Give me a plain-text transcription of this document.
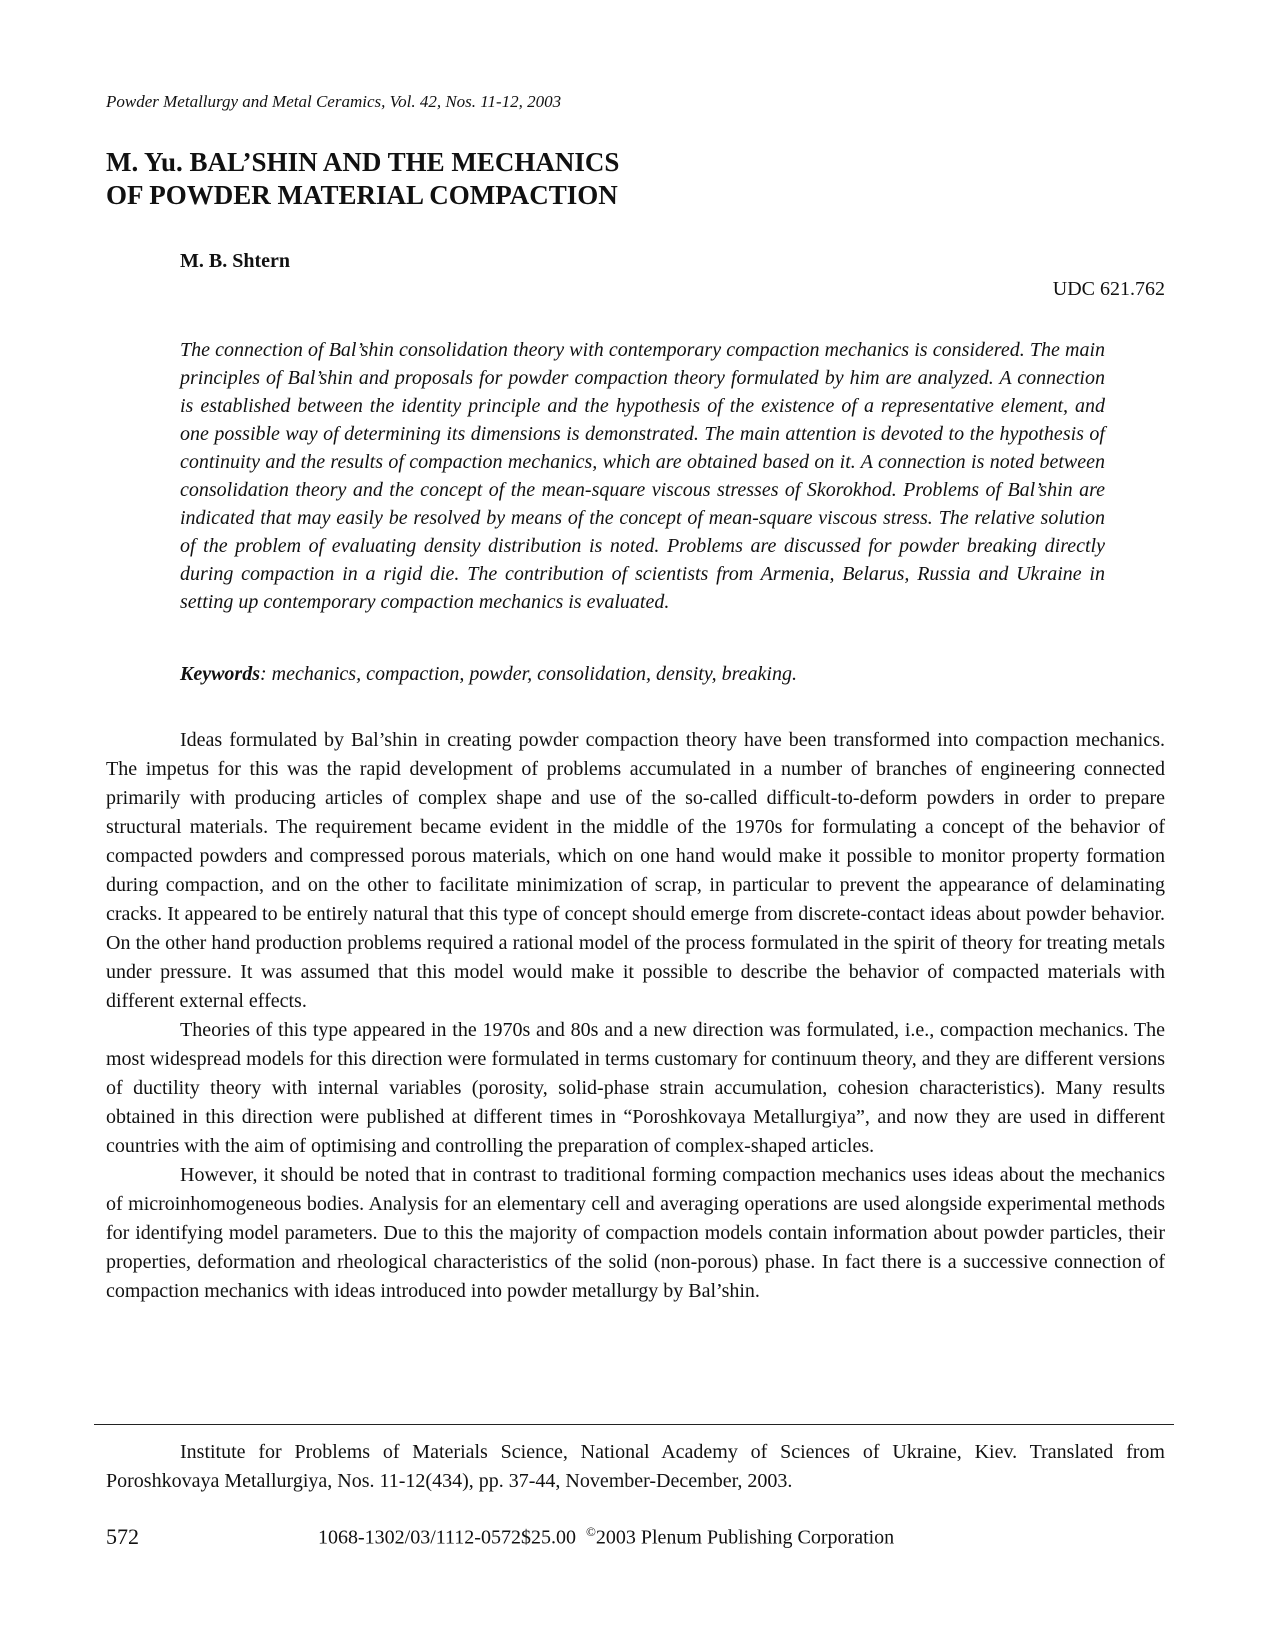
Powder Metallurgy and Metal Ceramics, Vol. 42, Nos. 11-12, 2003
M. Yu. BAL’SHIN AND THE MECHANICS
OF POWDER MATERIAL COMPACTION
M. B. Shtern
UDC 621.762

The connection of Bal’shin consolidation theory with contemporary compaction mechanics is considered. The main principles of Bal’shin and proposals for powder compaction theory formulated by him are analyzed. A connection is established between the identity principle and the hypothesis of the existence of a representative element, and one possible way of determining its dimensions is demonstrated. The main attention is devoted to the hypothesis of continuity and the results of compaction mechanics, which are obtained based on it. A connection is noted between consolidation theory and the concept of the mean-square viscous stresses of Skorokhod. Problems of Bal’shin are indicated that may easily be resolved by means of the concept of mean-square viscous stress. The relative solution of the problem of evaluating density distribution is noted. Problems are discussed for powder breaking directly during compaction in a rigid die. The contribution of scientists from Armenia, Belarus, Russia and Ukraine in setting up contemporary compaction mechanics is evaluated.

Keywords: mechanics, compaction, powder, consolidation, density, breaking.

Ideas formulated by Bal’shin in creating powder compaction theory have been transformed into compaction mechanics. The impetus for this was the rapid development of problems accumulated in a number of branches of engineering connected primarily with producing articles of complex shape and use of the so-called difficult-to-deform powders in order to prepare structural materials. The requirement became evident in the middle of the 1970s for formulating a concept of the behavior of compacted powders and compressed porous materials, which on one hand would make it possible to monitor property formation during compaction, and on the other to facilitate minimization of scrap, in particular to prevent the appearance of delaminating cracks. It appeared to be entirely natural that this type of concept should emerge from discrete-contact ideas about powder behavior. On the other hand production problems required a rational model of the process formulated in the spirit of theory for treating metals under pressure. It was assumed that this model would make it possible to describe the behavior of compacted materials with different external effects.

Theories of this type appeared in the 1970s and 80s and a new direction was formulated, i.e., compaction mechanics. The most widespread models for this direction were formulated in terms customary for continuum theory, and they are different versions of ductility theory with internal variables (porosity, solid-phase strain accumulation, cohesion characteristics). Many results obtained in this direction were published at different times in “Poroshkovaya Metallurgiya”, and now they are used in different countries with the aim of optimising and controlling the preparation of complex-shaped articles.

However, it should be noted that in contrast to traditional forming compaction mechanics uses ideas about the mechanics of microinhomogeneous bodies. Analysis for an elementary cell and averaging operations are used alongside experimental methods for identifying model parameters. Due to this the majority of compaction models contain information about powder particles, their properties, deformation and rheological characteristics of the solid (non-porous) phase. In fact there is a successive connection of compaction mechanics with ideas introduced into powder metallurgy by Bal’shin.

Institute for Problems of Materials Science, National Academy of Sciences of Ukraine, Kiev. Translated from Poroshkovaya Metallurgiya, Nos. 11-12(434), pp. 37-44, November-December, 2003.

572	1068-1302/03/1112-0572$25.00 ©2003 Plenum Publishing Corporation
